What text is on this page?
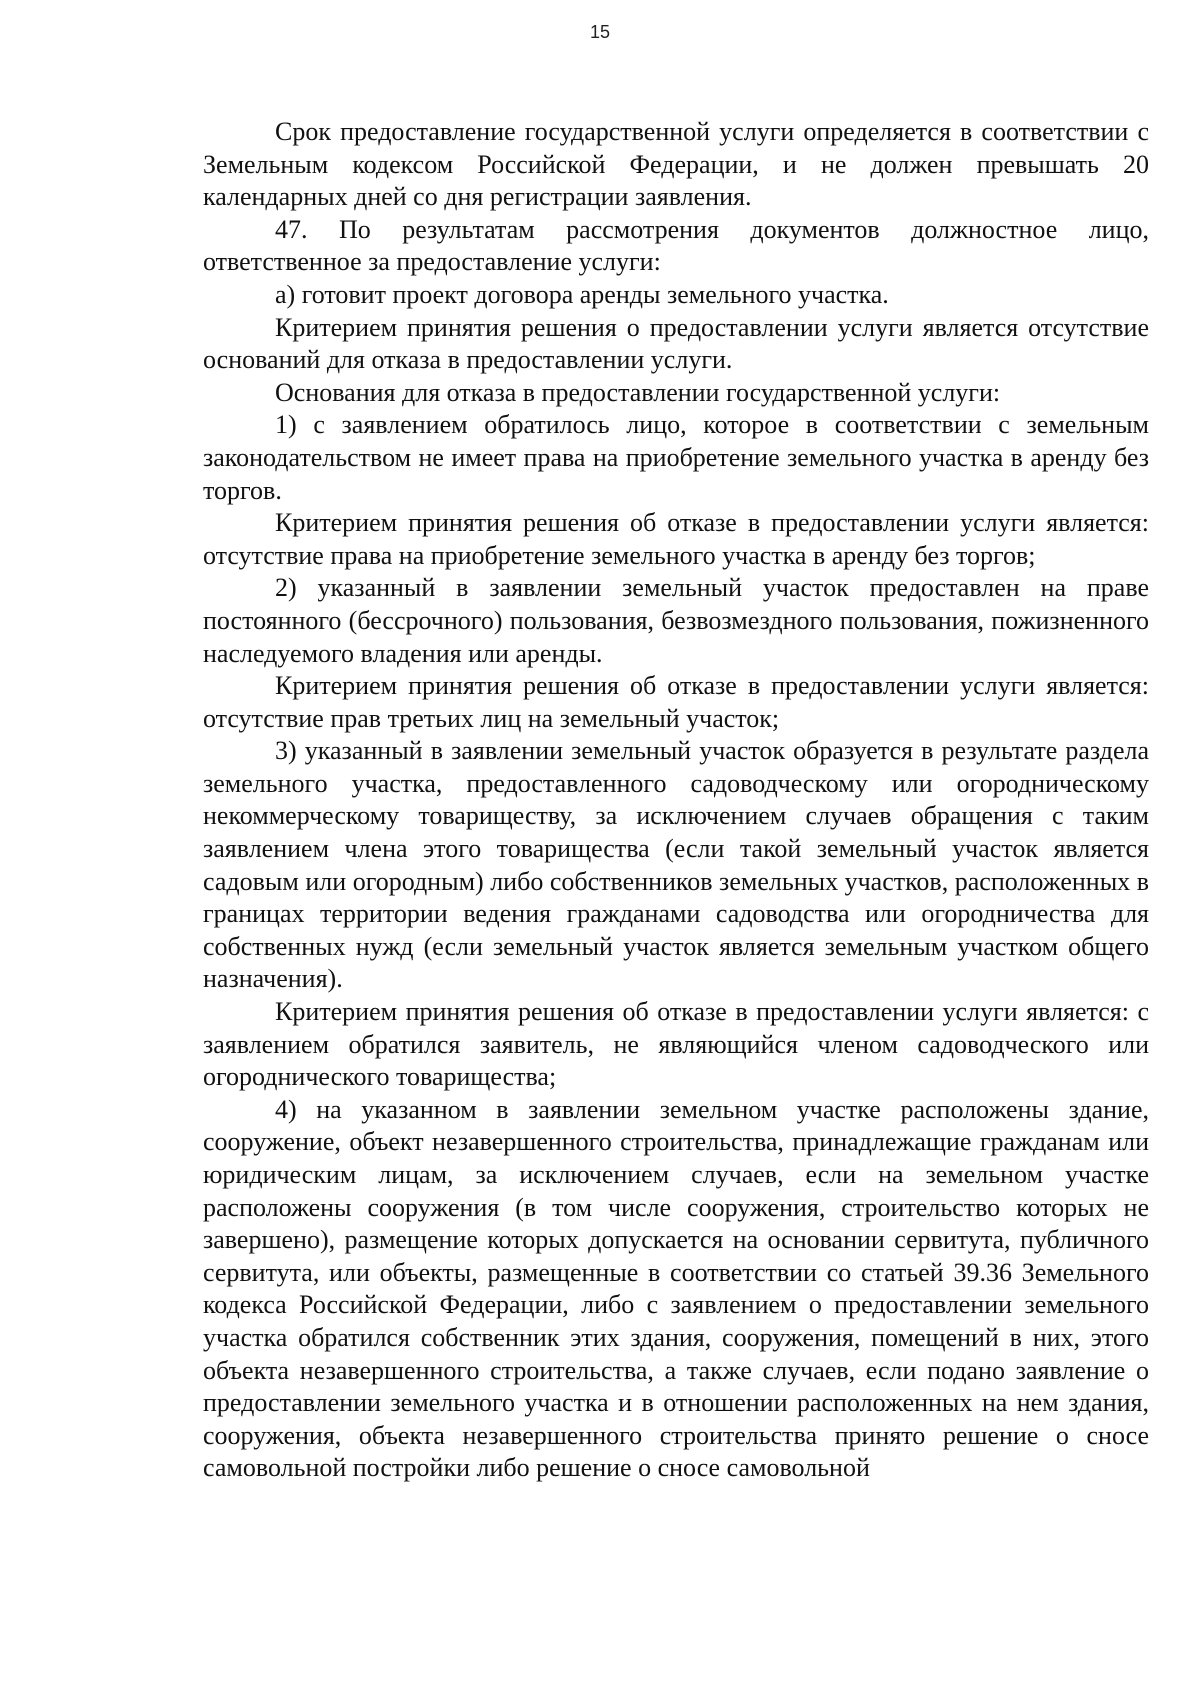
15

Срок предоставление государственной услуги определяется в соответствии с Земельным кодексом Российской Федерации, и не должен превышать 20 календарных дней со дня регистрации заявления.

47. По результатам рассмотрения документов должностное лицо, ответственное за предоставление услуги:

а) готовит проект договора аренды земельного участка.

Критерием принятия решения о предоставлении услуги является отсутствие оснований для отказа в предоставлении услуги.

Основания для отказа в предоставлении государственной услуги:

1) с заявлением обратилось лицо, которое в соответствии с земельным законодательством не имеет права на приобретение земельного участка в аренду без торгов.

Критерием принятия решения об отказе в предоставлении услуги является: отсутствие права на приобретение земельного участка в аренду без торгов;

2) указанный в заявлении земельный участок предоставлен на праве постоянного (бессрочного) пользования, безвозмездного пользования, пожизненного наследуемого владения или аренды.

Критерием принятия решения об отказе в предоставлении услуги является: отсутствие прав третьих лиц на земельный участок;

3) указанный в заявлении земельный участок образуется в результате раздела земельного участка, предоставленного садоводческому или огородническому некоммерческому товариществу, за исключением случаев обращения с таким заявлением члена этого товарищества (если такой земельный участок является садовым или огородным) либо собственников земельных участков, расположенных в границах территории ведения гражданами садоводства или огородничества для собственных нужд (если земельный участок является земельным участком общего назначения).

Критерием принятия решения об отказе в предоставлении услуги является: с заявлением обратился заявитель, не являющийся членом садоводческого или огороднического товарищества;

4) на указанном в заявлении земельном участке расположены здание, сооружение, объект незавершенного строительства, принадлежащие гражданам или юридическим лицам, за исключением случаев, если на земельном участке расположены сооружения (в том числе сооружения, строительство которых не завершено), размещение которых допускается на основании сервитута, публичного сервитута, или объекты, размещенные в соответствии со статьей 39.36 Земельного кодекса Российской Федерации, либо с заявлением о предоставлении земельного участка обратился собственник этих здания, сооружения, помещений в них, этого объекта незавершенного строительства, а также случаев, если подано заявление о предоставлении земельного участка и в отношении расположенных на нем здания, сооружения, объекта незавершенного строительства принято решение о сносе самовольной постройки либо решение о сносе самовольной
